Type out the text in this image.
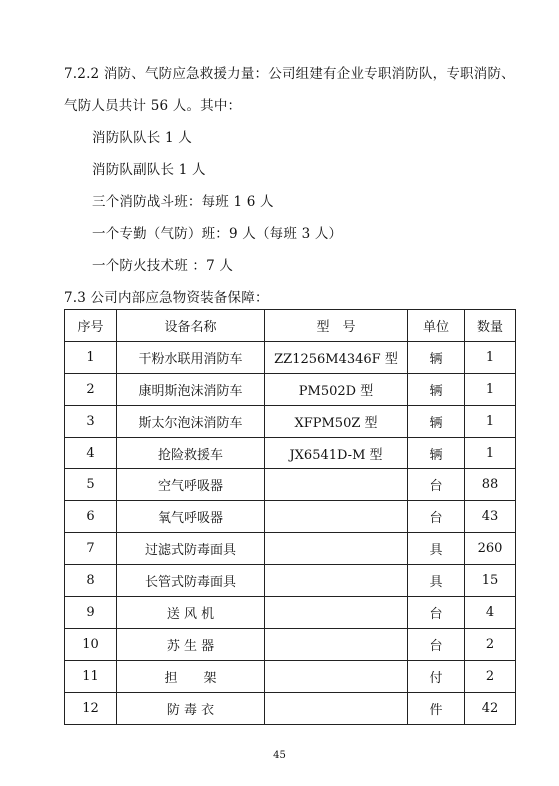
7.2.2 消防、气防应急救援力量：公司组建有企业专职消防队，专职消防、
气防人员共计 56 人。其中：
消防队队长 1 人
消防队副队长 1 人
三个消防战斗班：每班 1 6 人
一个专勤（气防）班：9 人（每班 3 人）
一个防火技术班 ：7 人
7.3 公司内部应急物资装备保障：
序号	设备名称	型　号	单位	数量
1	干粉水联用消防车	ZZ1256M4346F 型	辆	1
2	康明斯泡沫消防车	PM502D 型	辆	1
3	斯太尔泡沫消防车	XFPM50Z 型	辆	1
4	抢险救援车	JX6541D-M 型	辆	1
5	空气呼吸器		台	88
6	氧气呼吸器		台	43
7	过滤式防毒面具		具	260
8	长管式防毒面具		具	15
9	送 风 机		台	4
10	苏 生 器		台	2
11	担　　架		付	2
12	防 毒 衣		件	42
45
